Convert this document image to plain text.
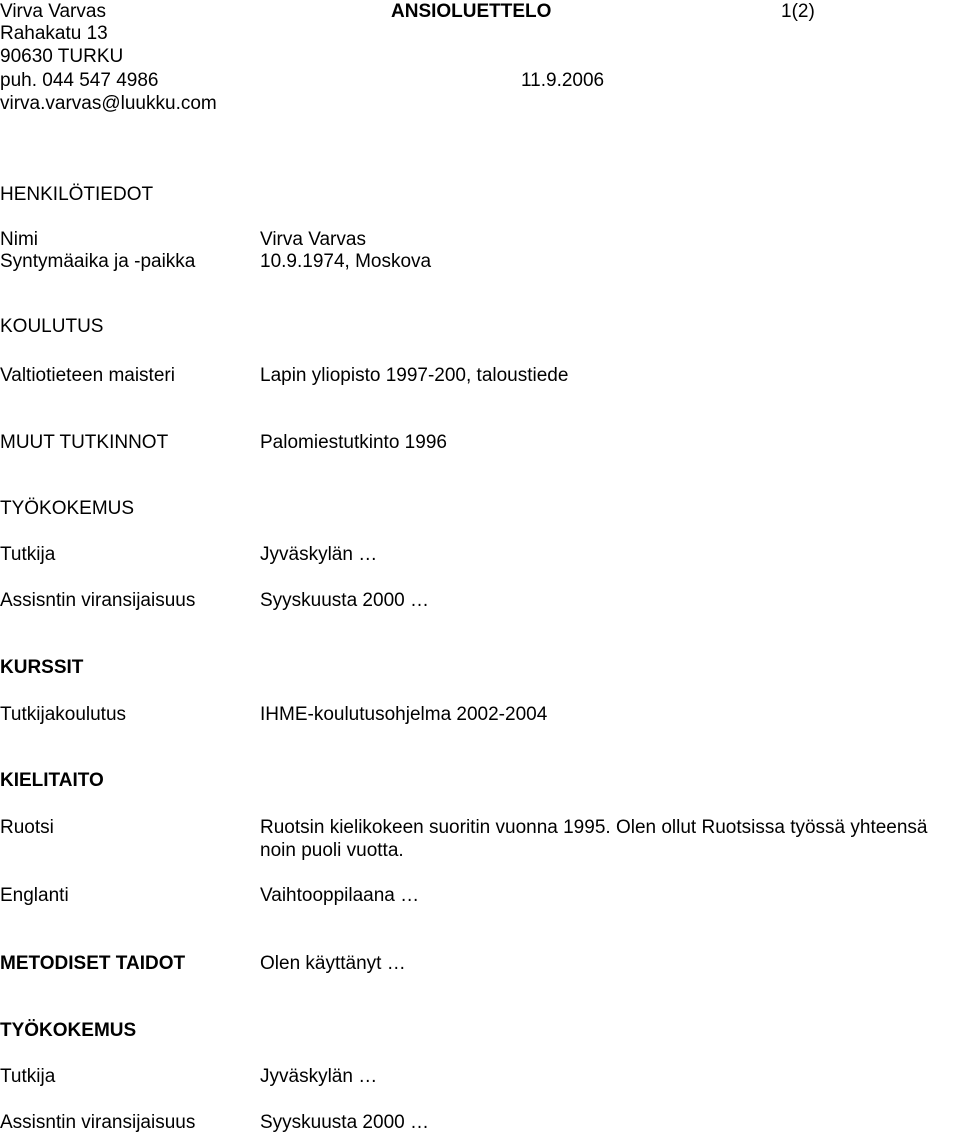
Virva Varvas	ANSIOLUETTELO	1(2)
Rahakatu 13
90630 TURKU
puh. 044 547 4986	11.9.2006
virva.varvas@luukku.com
HENKILÖTIEDOT
Nimi	Virva Varvas
Syntymäaika ja -paikka	10.9.1974, Moskova
KOULUTUS
Valtiotieteen maisteri	Lapin yliopisto 1997-200, taloustiede
MUUT TUTKINNOT	Palomiestutkinto 1996
TYÖKOKEMUS
Tutkija	Jyväskylän …
Assisntin viransijaisuus	Syyskuusta 2000 …
KURSSIT
Tutkijakoulutus	IHME-koulutusohjelma 2002-2004
KIELITAITO
Ruotsi	Ruotsin kielikokeen suoritin vuonna 1995. Olen ollut Ruotsissa työssä yhteensä noin puoli vuotta.
Englanti	Vaihtooppilaana …
METODISET TAIDOT	Olen käyttänyt …
TYÖKOKEMUS
Tutkija	Jyväskylän …
Assisntin viransijaisuus	Syyskuusta 2000 …
